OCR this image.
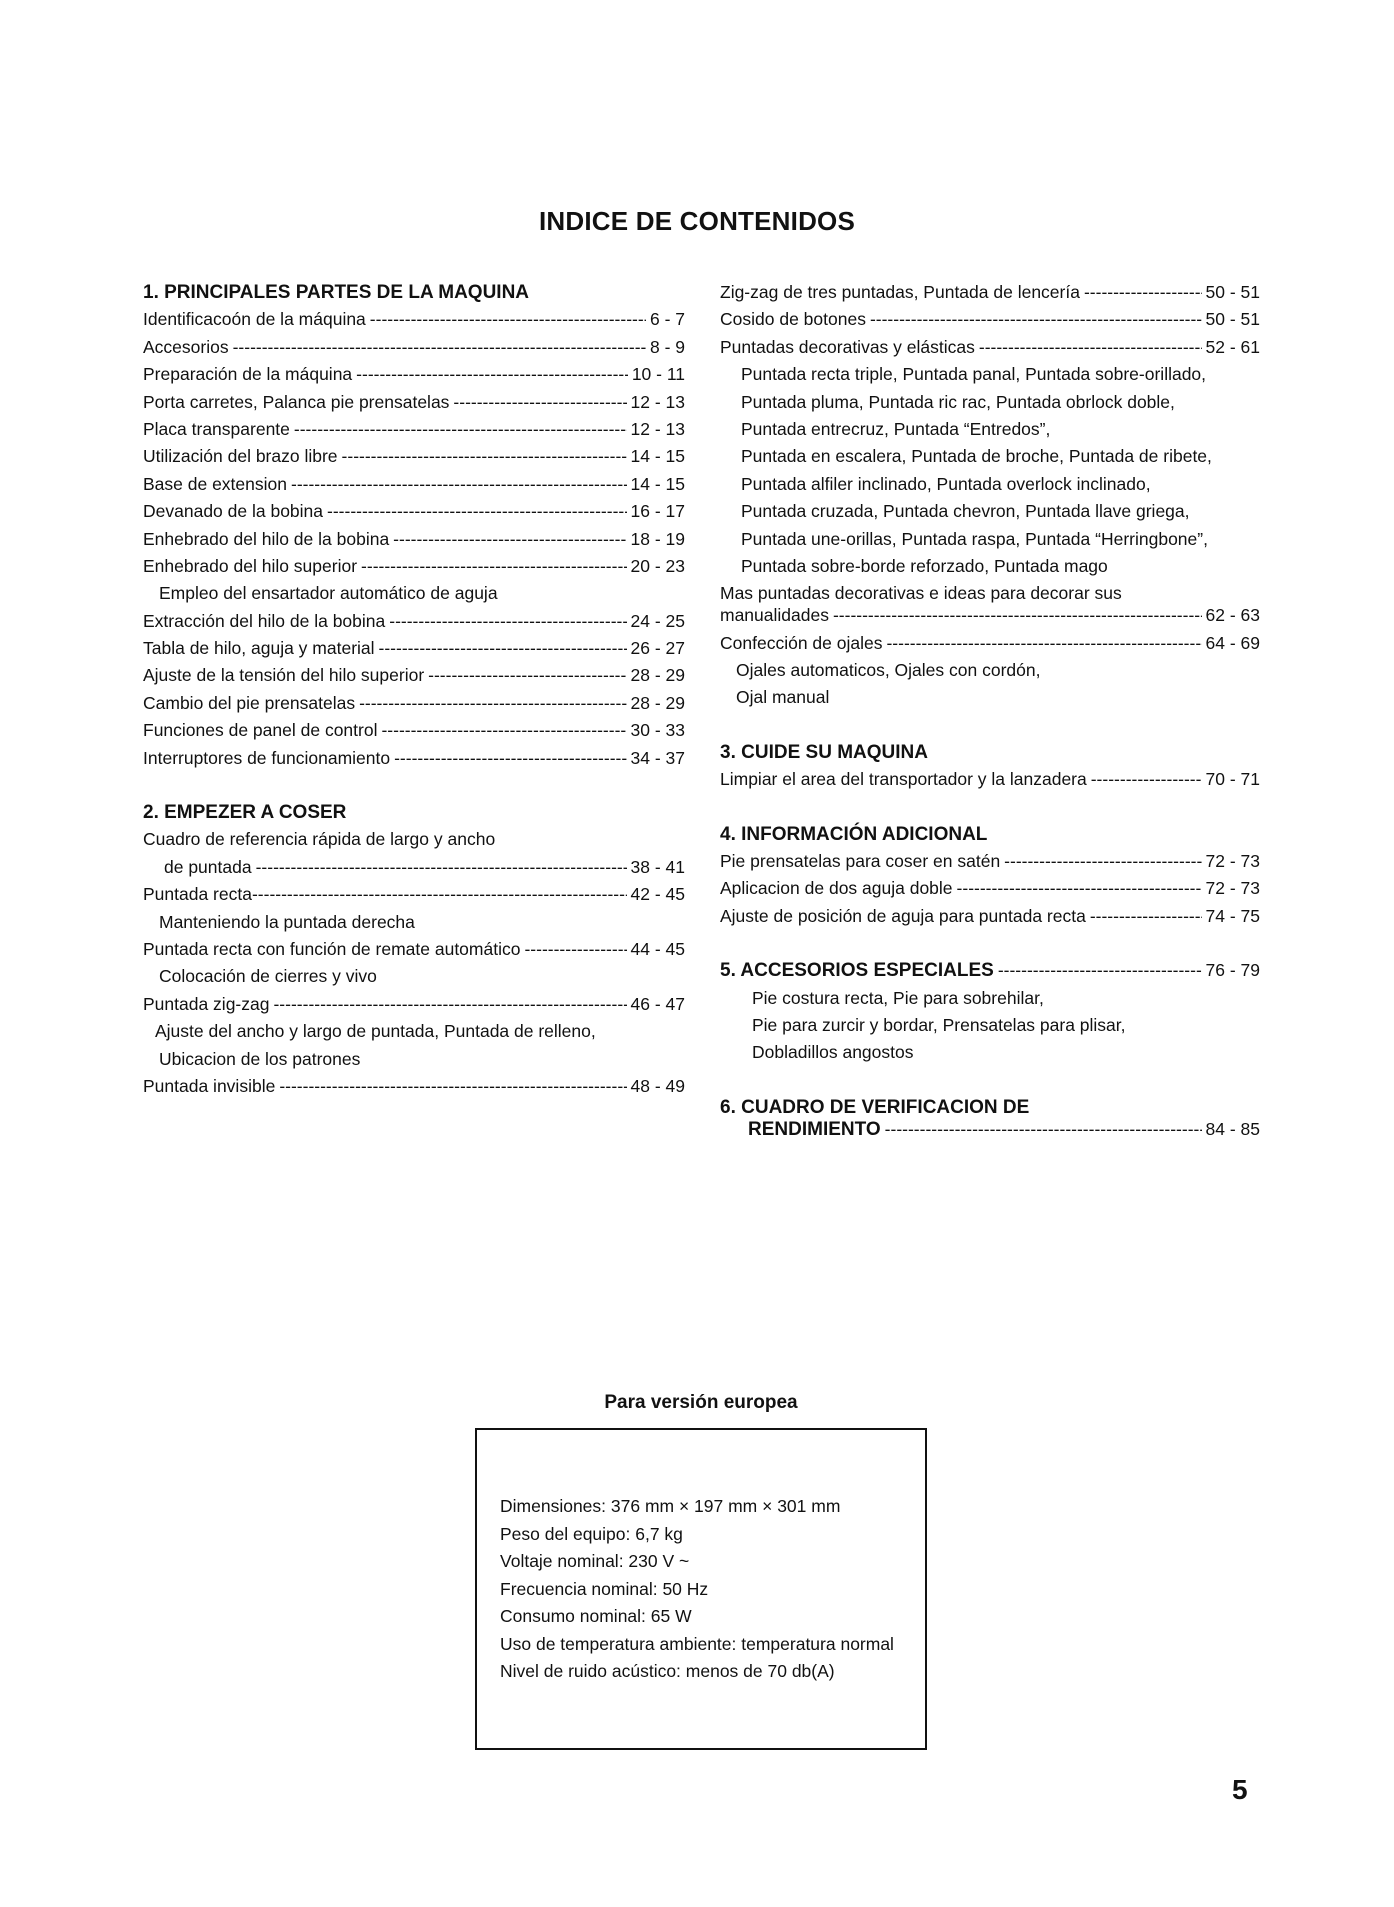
INDICE DE CONTENIDOS
1. PRINCIPALES PARTES DE LA MAQUINA
Identificacoón de la máquina -----	6 - 7
Accesorios -----	8 - 9
Preparación de la máquina -----	10 - 11
Porta carretes, Palanca pie prensatelas -----	12 - 13
Placa transparente -----	12 - 13
Utilización del brazo libre -----	14 - 15
Base de extension -----	14 - 15
Devanado de la bobina -----	16 - 17
Enhebrado del hilo de la bobina -----	18 - 19
Enhebrado del hilo superior -----	20 - 23
Empleo del ensartador automático de aguja
Extracción del hilo de la bobina -----	24 - 25
Tabla de hilo, aguja y material -----	26 - 27
Ajuste de la tensión del hilo superior -----	28 - 29
Cambio del pie prensatelas -----	28 - 29
Funciones de panel de control -----	30 - 33
Interruptores de funcionamiento -----	34 - 37
2. EMPEZER A COSER
Cuadro de referencia rápida de largo y ancho
de puntada -----	38 - 41
Puntada recta -----	42 - 45
Manteniendo la puntada derecha
Puntada recta con función de remate automático -----	44 - 45
Colocación de cierres y vivo
Puntada zig-zag -----	46 - 47
Ajuste del ancho y largo de puntada, Puntada de relleno,
Ubicacion de los patrones
Puntada invisible -----	48 - 49
Zig-zag de tres puntadas, Puntada de lencería -----	50 - 51
Cosido de botones -----	50 - 51
Puntadas decorativas y elásticas -----	52 - 61
Puntada recta triple, Puntada panal, Puntada sobre-orillado,
Puntada pluma, Puntada ric rac, Puntada obrlock doble,
Puntada entrecruz, Puntada “Entredos”,
Puntada en escalera, Puntada de broche, Puntada de ribete,
Puntada alfiler inclinado, Puntada overlock inclinado,
Puntada cruzada, Puntada chevron, Puntada llave griega,
Puntada une-orillas, Puntada raspa, Puntada “Herringbone”,
Puntada sobre-borde reforzado, Puntada mago
Mas puntadas decorativas e ideas para decorar sus
manualidades -----	62 - 63
Confección de ojales -----	64 - 69
Ojales automaticos, Ojales con cordón,
Ojal manual
3. CUIDE SU MAQUINA
Limpiar el area del transportador y la lanzadera -----	70 - 71
4. INFORMACIÓN ADICIONAL
Pie prensatelas para coser en satén -----	72 - 73
Aplicacion de dos aguja doble -----	72 - 73
Ajuste de posición de aguja para puntada recta -----	74 - 75
5. ACCESORIOS ESPECIALES -----	76 - 79
Pie costura recta, Pie para sobrehilar,
Pie para zurcir y bordar, Prensatelas para plisar,
Dobladillos angostos
6. CUADRO DE VERIFICACION DE
RENDIMIENTO -----	84 - 85
Para versión europea
Dimensiones: 376 mm × 197 mm × 301 mm
Peso del equipo: 6,7 kg
Voltaje nominal: 230 V ~
Frecuencia nominal: 50 Hz
Consumo nominal: 65 W
Uso de temperatura ambiente: temperatura normal
Nivel de ruido acústico: menos de 70 db(A)
5
